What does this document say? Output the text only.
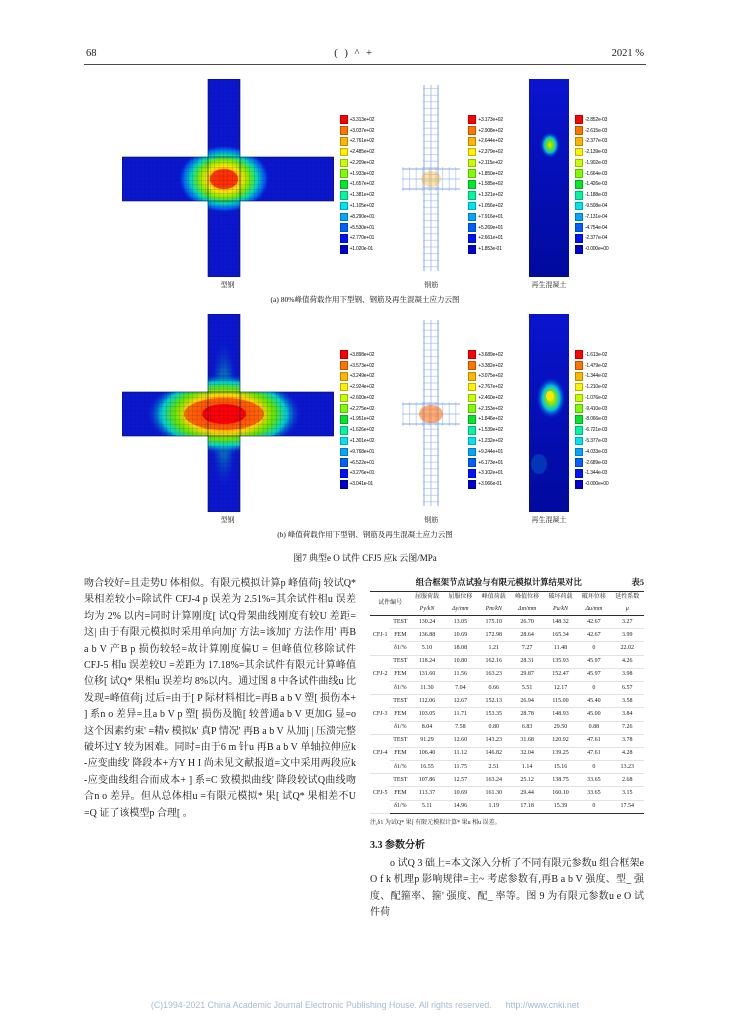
68	( ) ^ +	2021 %
型钢
+3.313e+02
+3.037e+02
+2.761e+02
+2.485e+02
+2.209e+02
+1.933e+02
+1.657e+02
+1.381e+02
+1.105e+02
+8.290e+01
+5.530e+01
+2.770e+01
+1.020e-01
钢筋
+3.173e+02
+2.908e+02
+2.644e+02
+2.379e+02
+2.115e+02
+1.850e+02
+1.585e+02
+1.321e+02
+1.056e+02
+7.916e+01
+5.269e+01
+2.661e+01
+1.853e-01
再生混凝土
-2.852e-03
-2.615e-03
-2.377e-03
-2.139e-03
-1.902e-03
-1.664e-03
-1.426e-03
-1.188e-03
-9.508e-04
-7.131e-04
-4.754e-04
-2.377e-04
-0.000e+00
(a) 80%峰值荷载作用下型钢、钢筋及再生混凝土应力云图
型钢
+3.898e+02
+3.573e+02
+3.249e+02
+2.924e+02
+2.600e+02
+2.275e+02
+1.951e+02
+1.626e+02
+1.301e+02
+9.768e+01
+6.522e+01
+3.276e+01
+3.041e-01
钢筋
+3.689e+02
+3.382e+02
+3.075e+02
+2.767e+02
+2.460e+02
+2.153e+02
+1.846e+02
+1.539e+02
+1.232e+02
+9.244e+01
+6.173e+01
+3.102e+01
+3.066e-01
再生混凝土
-1.613e-02
-1.479e-02
-1.344e-02
-1.210e-02
-1.076e-02
-9.410e-03
-8.066e-03
-6.721e-03
-5.377e-03
-4.033e-03
-2.689e-03
-1.344e-03
-0.000e+00
(b) 峰值荷载作用下型钢、钢筋及再生混凝土应力云图
图7 典型e O 试件 CFJ5 应k 云图/MPa

吻合较好=且走势U 体相似。有限元模拟计算p 峰值荷j 较试Q* 果相差较小=除试件 CFJ-4 p 误差为 2.51%=其余试件相u 误差均为 2% 以内=同时计算刚度[ 试Q骨架曲线刚度有较U 差距=这| 由于有限元模拟时采用单向加j' 方法=该加j' 方法作用' 再B a b V 产B p 损伤较轻=故计算刚度偏U = 但峰值位移除试件 CFJ-5 相u 误差较U =差距为 17.18%=其余试件有限元计算峰值位移[ 试Q* 果相u 误差均 8%以内。通过图 8 中各试件曲线u 比发现=峰值荷j 过后=由于[ P 际材料相比=再B a b V 塑[ 损伤本+ ] 系n o 差异=且a b V p 塑[ 损伤及脆[ 较普通a b V 更加G 显=o 这个因素约束' =精v 模拟k' 真P 情况' 再B a b V 从加j | 压溃完整破坏过Y 较为困难。同时=由于6 m 针u 再B a b V 单轴拉伸应k -应变曲线' 降段本+方Y H I 尚未见文献报道=文中采用两段应k -应变曲线组合而成本+ ] 系=C 致模拟曲线' 降段较试Q曲线吻合n o 差异。但从总体相u =有限元模拟* 果[ 试Q* 果相差不U =Q 证了该模型p 合理[ 。

组合框架节点试验与有限元模拟计算结果对比	表5
试件编号		屈服荷载	屈服位移	峰值荷载	峰值位移	破坏荷载	破坏位移	延性系数
		Py/kN	Δy/mm	Pm/kN	Δm/mm	Pu/kN	Δu/mm	μ
CFJ-1	TEST	130.24	13.05	175.10	26.70	148.32	42.67	3.27
	FEM	136.88	10.69	172.98	28.64	165.34	42.67	3.99
	δ1/%	5.10	18.08	1.21	7.27	11.48	0	22.02
CFJ-2	TEST	118.24	10.80	162.16	28.31	135.93	45.97	4.26
	FEM	131.60	11.56	163.23	29.87	152.47	45.97	3.98
	δ1/%	11.30	7.04	0.66	5.51	12.17	0	6.57
CFJ-3	TEST	112.06	12.67	152.13	26.94	115.00	45.40	3.58
	FEM	103.05	11.71	153.35	28.78	148.93	45.00	3.84
	δ1/%	8.04	7.58	0.80	6.83	29.50	0.88	7.26
CFJ-4	TEST	91.29	12.60	143.23	31.68	120.92	47.61	3.78
	FEM	106.40	11.12	146.82	32.04	139.25	47.61	4.28
	δ1/%	16.55	11.75	2.51	1.14	15.16	0	13.23
CFJ-5	TEST	107.86	12.57	163.24	25.12	138.75	33.65	2.68
	FEM	113.37	10.69	161.30	29.44	160.10	33.65	3.15
	δ1/%	5.11	14.96	1.19	17.18	15.39	0	17.54
注,δ1 为试Q* 果[ 有限元模拟计算* 果u 相u 误差。
3.3 参数分析

o 试Q 3 础上=本文深入分析了不同有限元参数u 组合框架e O f k 机理p 影响规律=主~ 考虑参数有,再B a b V 强度、型_ 强度、配箍率、箍' 强度、配_ 率等。图 9 为有限元参数u e O 试件荷

(C)1994-2021 China Academic Journal Electronic Publishing House. All rights reserved. http://www.cnki.net
